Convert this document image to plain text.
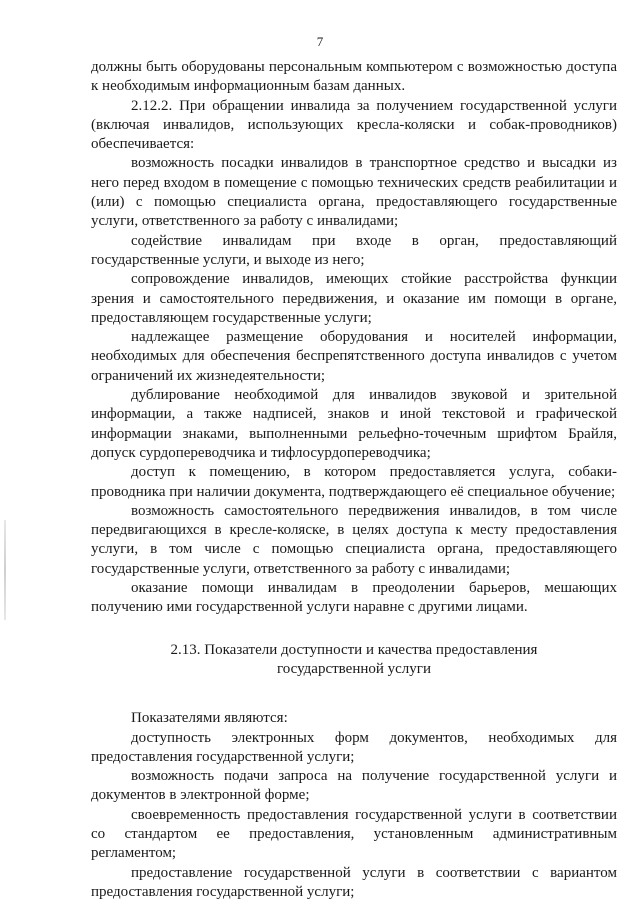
7

должны быть оборудованы персональным компьютером с возможностью доступа к необходимым информационным базам данных.

2.12.2. При обращении инвалида за получением государственной услуги (включая инвалидов, использующих кресла-коляски и собак-проводников) обеспечивается:

возможность посадки инвалидов в транспортное средство и высадки из него перед входом в помещение с помощью технических средств реабилитации и (или) с помощью специалиста органа, предоставляющего государственные услуги, ответственного за работу с инвалидами;

содействие инвалидам при входе в орган, предоставляющий государственные услуги, и выходе из него;

сопровождение инвалидов, имеющих стойкие расстройства функции зрения и самостоятельного передвижения, и оказание им помощи в органе, предоставляющем государственные услуги;

надлежащее размещение оборудования и носителей информации, необходимых для обеспечения беспрепятственного доступа инвалидов с учетом ограничений их жизнедеятельности;

дублирование необходимой для инвалидов звуковой и зрительной информации, а также надписей, знаков и иной текстовой и графической информации знаками, выполненными рельефно-точечным шрифтом Брайля, допуск сурдопереводчика и тифлосурдопереводчика;

доступ к помещению, в котором предоставляется услуга, собаки-проводника при наличии документа, подтверждающего её специальное обучение;

возможность самостоятельного передвижения инвалидов, в том числе передвигающихся в кресле-коляске, в целях доступа к месту предоставления услуги, в том числе с помощью специалиста органа, предоставляющего государственные услуги, ответственного за работу с инвалидами;

оказание помощи инвалидам в преодолении барьеров, мешающих получению ими государственной услуги наравне с другими лицами.

2.13. Показатели доступности и качества предоставления
государственной услуги

Показателями являются:

доступность электронных форм документов, необходимых для предоставления государственной услуги;

возможность подачи запроса на получение государственной услуги и документов в электронной форме;

своевременность предоставления государственной услуги в соответствии со стандартом ее предоставления, установленным административным регламентом;

предоставление государственной услуги в соответствии с вариантом предоставления государственной услуги;
